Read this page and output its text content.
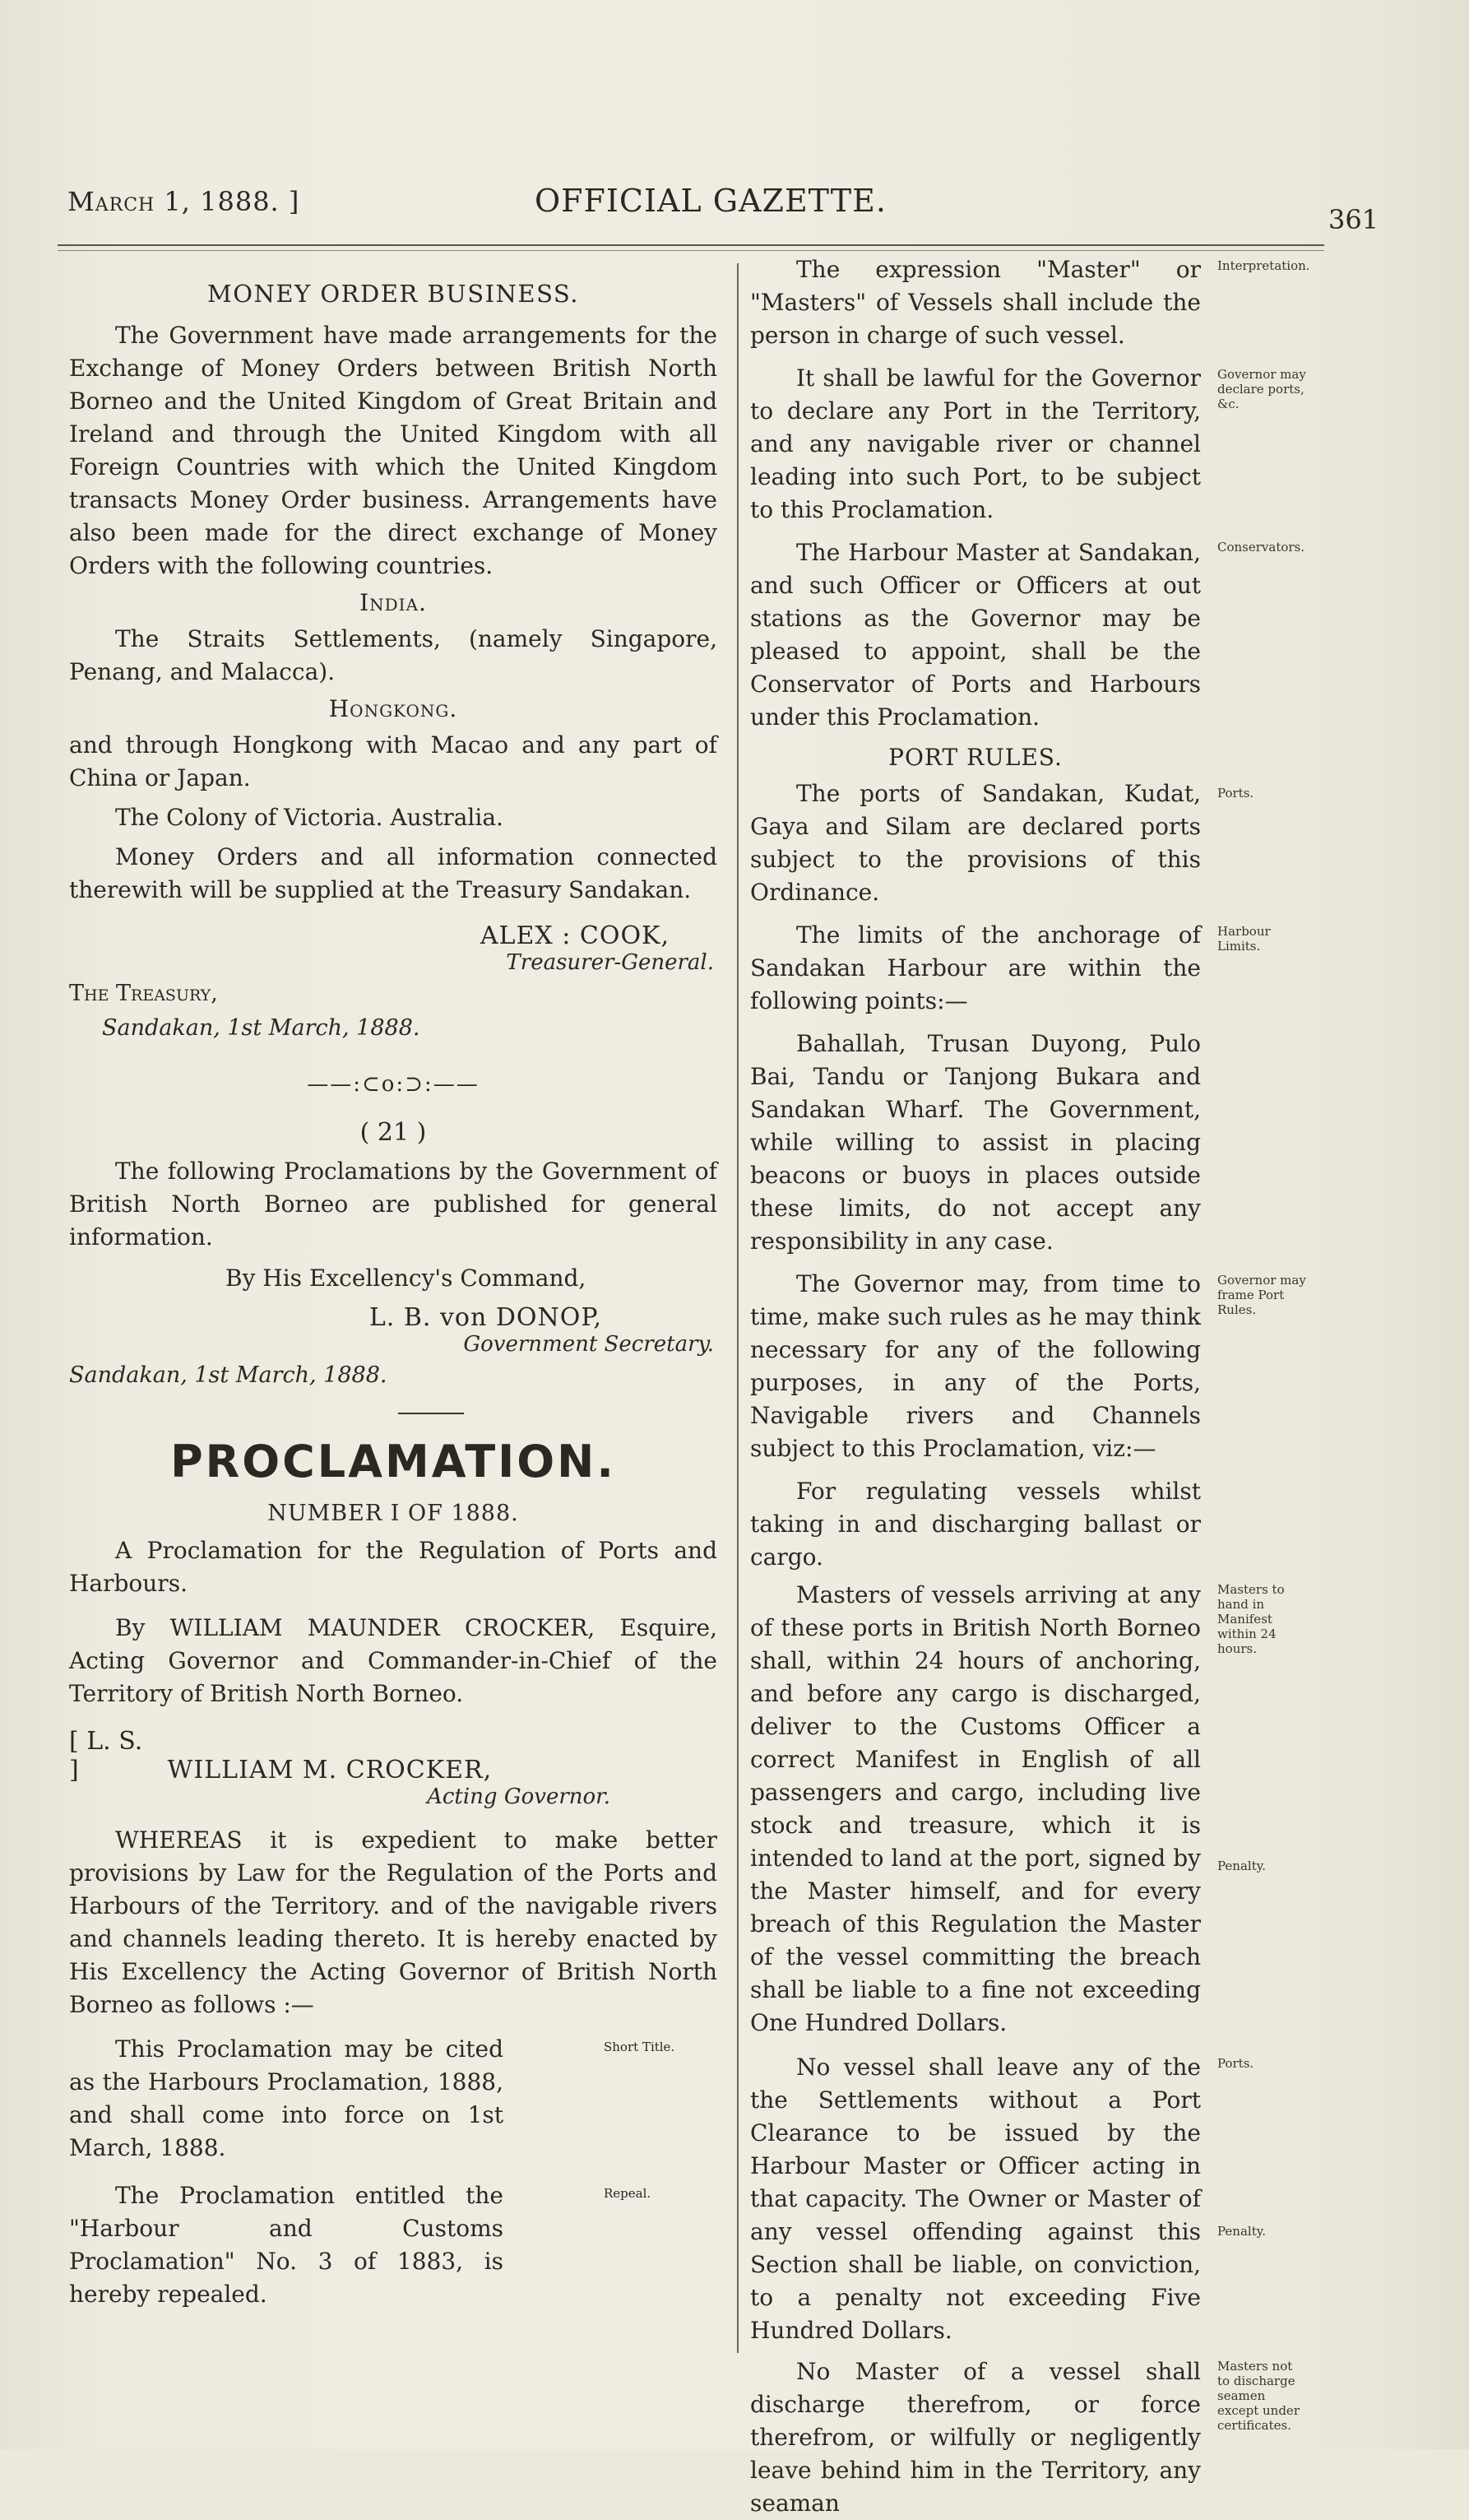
March 1, 1888. ]	OFFICIAL GAZETTE.
361

MONEY ORDER BUSINESS.

The Government have made arrangements for the Exchange of Money Orders between British North Borneo and the United Kingdom of Great Britain and Ireland and through the United Kingdom with all Foreign Countries with which the United Kingdom transacts Money Order business. Arrangements have also been made for the direct exchange of Money Orders with the following countries.

India.

The Straits Settlements, (namely Singapore, Penang, and Malacca).

Hongkong.

and through Hongkong with Macao and any part of China or Japan.

The Colony of Victoria. Australia.

Money Orders and all information connected therewith will be supplied at the Treasury Sandakan.

ALEX : COOK,

Treasurer-General.

The Treasury,

Sandakan, 1st March, 1888.

——:⊂o:⊃:——

( 21 )

The following Proclamations by the Government of British North Borneo are published for general information.

By His Excellency's Command,

L. B. von DONOP,

Government Secretary.

Sandakan, 1st March, 1888.

PROCLAMATION.

NUMBER I OF 1888.

A Proclamation for the Regulation of Ports and Harbours.

By WILLIAM MAUNDER CROCKER, Esquire, Acting Governor and Commander-in-Chief of the Territory of British North Borneo.

[ L. S. ]	WILLIAM M. CROCKER,

Acting Governor.

WHEREAS it is expedient to make better provisions by Law for the Regulation of the Ports and Harbours of the Territory. and of the navigable rivers and channels leading thereto. It is hereby enacted by His Excellency the Acting Governor of British North Borneo as follows :—

This Proclamation may be cited as the Harbours Proclamation, 1888, and shall come into force on 1st March, 1888.

Short Title.

The Proclamation entitled the "Harbour and Customs Proclamation" No. 3 of 1883, is hereby repealed.

Repeal.

The expression "Master" or "Masters" of Vessels shall include the person in charge of such vessel.

Interpretation.

It shall be lawful for the Governor to declare any Port in the Territory, and any navigable river or channel leading into such Port, to be subject to this Proclamation.

Governor may declare ports, &c.

The Harbour Master at Sandakan, and such Officer or Officers at out stations as the Governor may be pleased to appoint, shall be the Conservator of Ports and Harbours under this Proclamation.

Conservators.

PORT RULES.

The ports of Sandakan, Kudat, Gaya and Silam are declared ports subject to the provisions of this Ordinance.

Ports.

The limits of the anchorage of Sandakan Harbour are within the following points:—

Harbour Limits.

Bahallah, Trusan Duyong, Pulo Bai, Tandu or Tanjong Bukara and Sandakan Wharf. The Government, while willing to assist in placing beacons or buoys in places outside these limits, do not accept any responsibility in any case.

The Governor may, from time to time, make such rules as he may think necessary for any of the following purposes, in any of the Ports, Navigable rivers and Channels subject to this Proclamation, viz:—

Governor may frame Port Rules.

For regulating vessels whilst taking in and discharging ballast or cargo.

Masters of vessels arriving at any of these ports in British North Borneo shall, within 24 hours of anchoring, and before any cargo is discharged, deliver to the Customs Officer a correct Manifest in English of all passengers and cargo, including live stock and treasure, which it is intended to land at the port, signed by the Master himself, and for every breach of this Regulation the Master of the vessel committing the breach shall be liable to a fine not exceeding One Hundred Dollars.

Masters to hand in Manifest within 24 hours.
Penalty.

No vessel shall leave any of the the Settlements without a Port Clearance to be issued by the Harbour Master or Officer acting in that capacity. The Owner or Master of any vessel offending against this Section shall be liable, on conviction, to a penalty not exceeding Five Hundred Dollars.

Ports.
Penalty.

No Master of a vessel shall discharge therefrom, or force therefrom, or wilfully or negligently leave behind him in the Territory, any seaman

Masters not to discharge seamen except under certificates.
